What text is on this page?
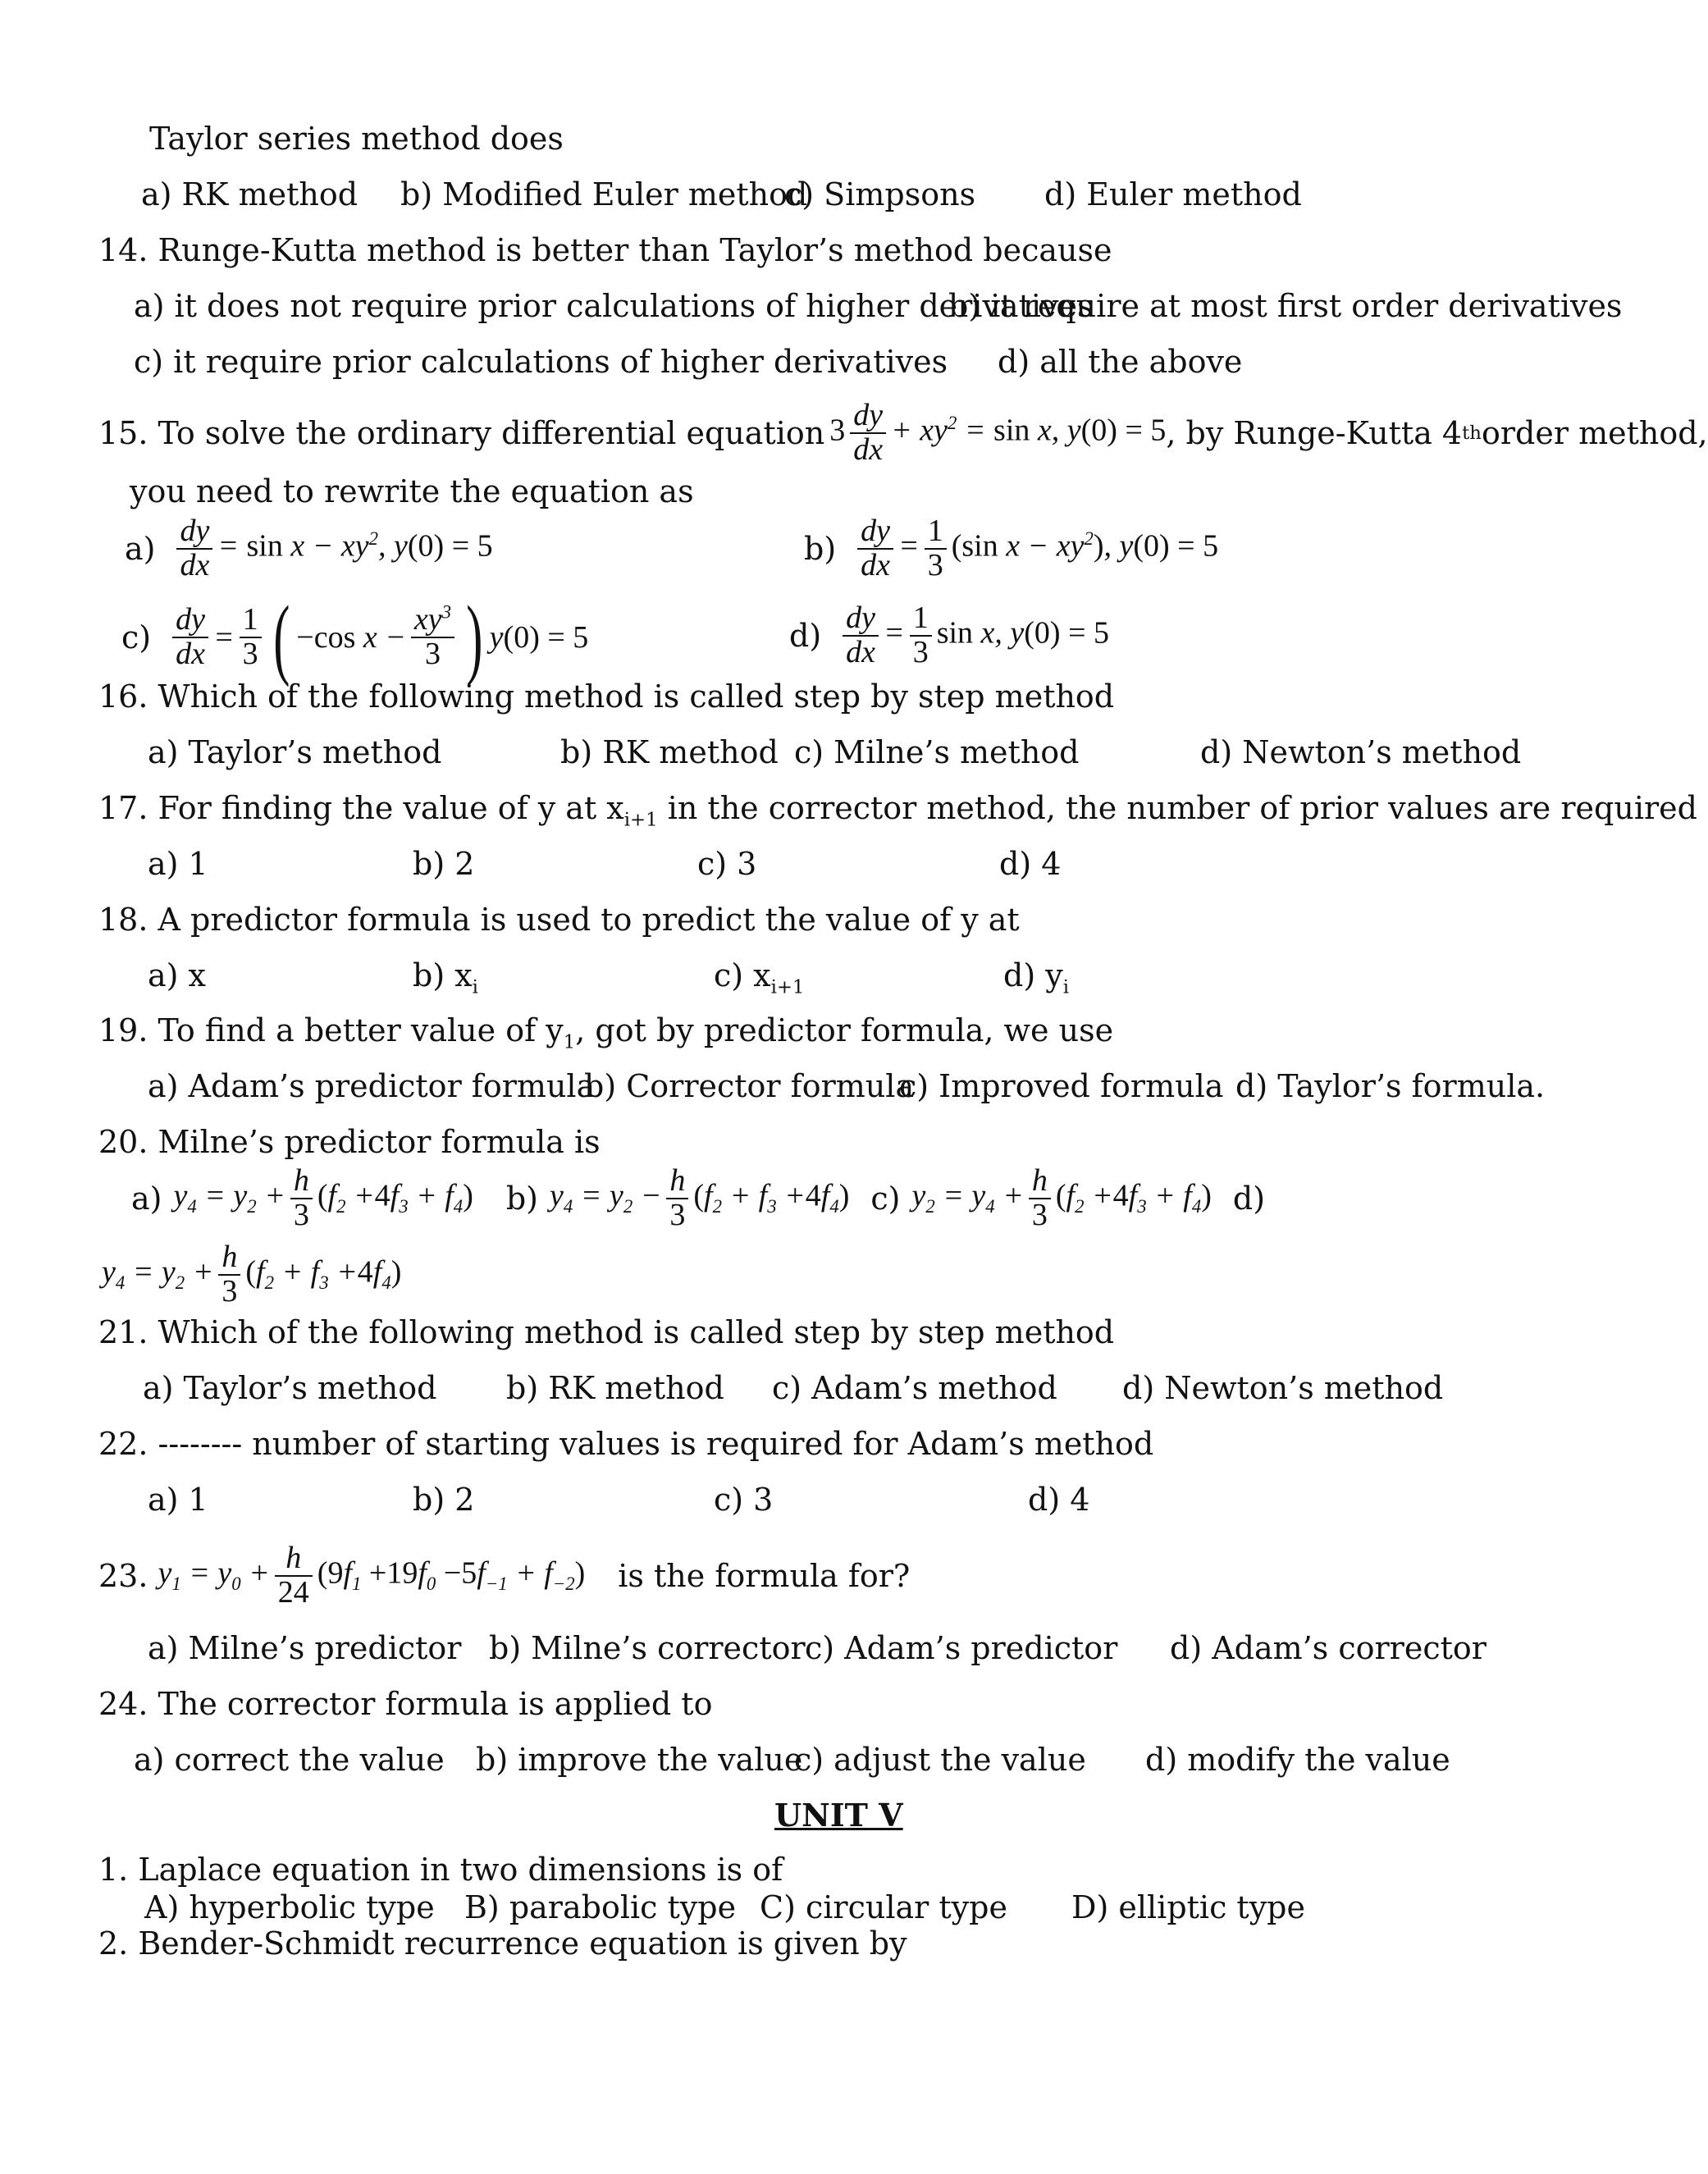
Taylor series method does
a) RK method b) Modified Euler method
c) Simpsons d) Euler method
14. Runge-Kutta method is better than Taylor’s method because
a) it does not require prior calculations of higher derivatives
b) it require at most first order derivatives
c) it require prior calculations of higher derivatives d) all the above
15. To solve the ordinary differential equation $3 \frac{dy}{dx} + xy^2 = \sin x$, y(0) = 5 , by Runge-Kutta 4 th order method,
you need to rewrite the equation as
$a) \frac{dy}{dx} = \sin x - xy^2$, y(0) = 5	$b) \frac{dy}{dx} = \frac{1}{3} (\sin$ $x - xy^2$), y(0) = 5
$c) \frac{dy}{dx} = \frac{1}{3}$ ( −cos $x - \frac{xy^3}{3}$ ) y (0) = 5	$d) \frac{dy}{dx} = \frac{1}{3}$ sin x, y(0) = 5
16. Which of the following method is called step by step method
a) Taylor’s method	b) RK method c) Milne’s method	d) Newton’s method
17. For finding the value of y at $x_{i+1}$ in the corrector method, the number of prior values are required
a) 1	b) 2	c) 3	d) 4
18. A predictor formula is used to predict the value of y at
a) x	b) $x_i$	c) $x_{i+1}$	d) $y_i$
19. To find a better value of $y_1$, got by predictor formula, we use
a) Adam’s predictor formula
b) Corrector formula
c) Improved formula d) Taylor’s formula.
20. Milne’s predictor formula is
a) $y_4 = y_2 + \frac{h}{3} (f_2 +4f_3 + f_4)$ b) $y_4 = y_2 - \frac{h}{3} (f_2 + f_3 +4f_4)$ c) $y_2 = y_4 + \frac{h}{3} (f_2 +4f_3 + f_4)$ d)
$y_4 = y_2 + \frac{h}{3} (f_2 + f_3 +4f_4)$
21. Which of the following method is called step by step method
a) Taylor’s method b) RK method c) Adam’s method d) Newton’s method
22. -------- number of starting values is required for Adam’s method
a) 1	b) 2	c) 3	d) 4
23. $y_1 = y_0 + \frac{h}{24} (9f_1 +19f_0 -5f_{-1} + f_{-2})$ is the formula for?
a) Milne’s predictor b) Milne’s corrector c) Adam’s predictor d) Adam’s corrector
24. The corrector formula is applied to
a) correct the value b) improve the value
c) adjust the value d) modify the value
UNIT V
1. Laplace equation in two dimensions is of
A) hyperbolic type B) parabolic type C) circular type D) elliptic type
2. Bender-Schmidt recurrence equation is given by
